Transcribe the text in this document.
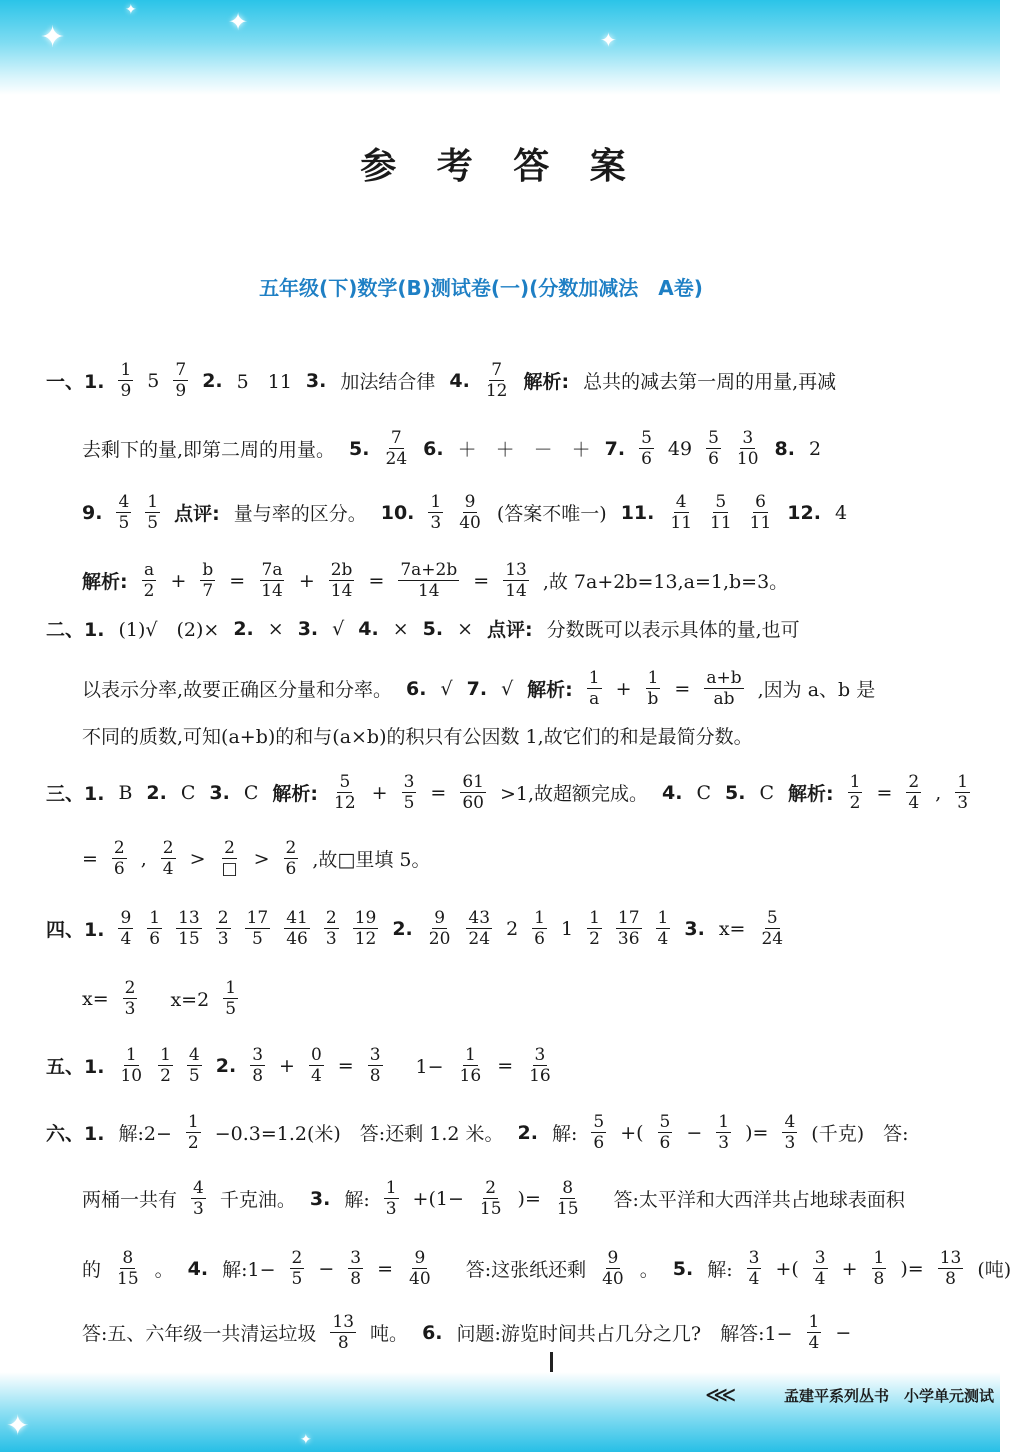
✦	✦
✦
✦
参 考 答 案
五年级(下)数学(B)测试卷(一)(分数加减法　A卷)
一、1. $\frac{1}{9} 5 \frac{7}{9} 2$. 5　11 3. 加法结合律 4. $\frac{7}{12}$ 解析: 总共的减去第一周的用量,再减
去剩下的量,即第二周的用量。 5. $\frac{7}{24} 6$. ＋　＋　－　＋ 7. $\frac{5}{6} 49 \frac{5}{6} \frac{3}{10} 8$. 2
9. $\frac{4}{5} \frac{1}{5}$ 点评: 量与率的区分。 10. $\frac{1}{3} \frac{9}{40}$ (答案不唯一) 11. $\frac{4}{11} \frac{5}{11} \frac{6}{11} 12$. 4
解析: $\frac{a}{2} + \frac{b}{7} = \frac{7a}{14} + \frac{2b}{14} = \frac{7a+2b}{14} = \frac{13}{14}$ ,故 7a+2b=13,a=1,b=3。
二、1. (1)√　(2)× 2. × 3. √ 4. × 5. × 点评: 分数既可以表示具体的量,也可
以表示分率,故要正确区分量和分率。 6. √ 7. √ 解析: $\frac{1}{a} + \frac{1}{b} = \frac{a+b}{ab}$ ,因为 a、b 是
不同的质数,可知(a+b)的和与(a×b)的积只有公因数 1,故它们的和是最简分数。
三、1. B 2. C 3. C 解析: $\frac{5}{12} + \frac{3}{5} = \frac{61}{60} >1$,故超额完成。 4. C 5. C 解析: $\frac{1}{2} = \frac{2}{4}$ , $\frac{1}{3}$
= $\frac{2}{6}$ , $\frac{2}{4} > \frac{2}{□} > \frac{2}{6}$ ,故□里填 5。
四、1. $\frac{9}{4} \frac{1}{6} \frac{13}{15} \frac{2}{3} \frac{17}{5} \frac{41}{46} \frac{2}{3} \frac{19}{12} 2$. $\frac{9}{20} \frac{43}{24} 2 \frac{1}{6} 1 \frac{1}{2} \frac{17}{36} \frac{1}{4} 3$. $x= \frac{5}{24}$
$x= \frac{2}{3}$ 　$x=2 \frac{1}{5}$
五、1. $\frac{1}{10} \frac{1}{2} \frac{4}{5} 2$. $\frac{3}{8} + \frac{0}{4} = \frac{3}{8}$ 　$1- \frac{1}{16} = \frac{3}{16}$
六、1. 解:2− $\frac{1}{2} -0.3=1.2$(米)　答:还剩 1.2 米。 2. 解: $\frac{5}{6}$ +( $\frac{5}{6} - \frac{1}{3}$ )= $\frac{4}{3}$ (千克)　答:
两桶一共有 $\frac{4}{3}$ 千克油。 3. 解: $\frac{1}{3} +(1- \frac{2}{15}$ )= $\frac{8}{15}$ 　答:太平洋和大西洋共占地球表面积
的 $\frac{8}{15}$ 。 4. 解:1− $\frac{2}{5} - \frac{3}{8} = \frac{9}{40}$ 　答:这张纸还剩 $\frac{9}{40}$ 。 5. 解: $\frac{3}{4}$ +( $\frac{3}{4} + \frac{1}{8}$ )= $\frac{13}{8}$ (吨)
答:五、六年级一共清运垃圾 $\frac{13}{8}$ 吨。 6. 问题:游览时间共占几分之几?　解答:1− $\frac{1}{4}$ −
✦	✦
⋘	孟建平系列丛书　小学单元测试
